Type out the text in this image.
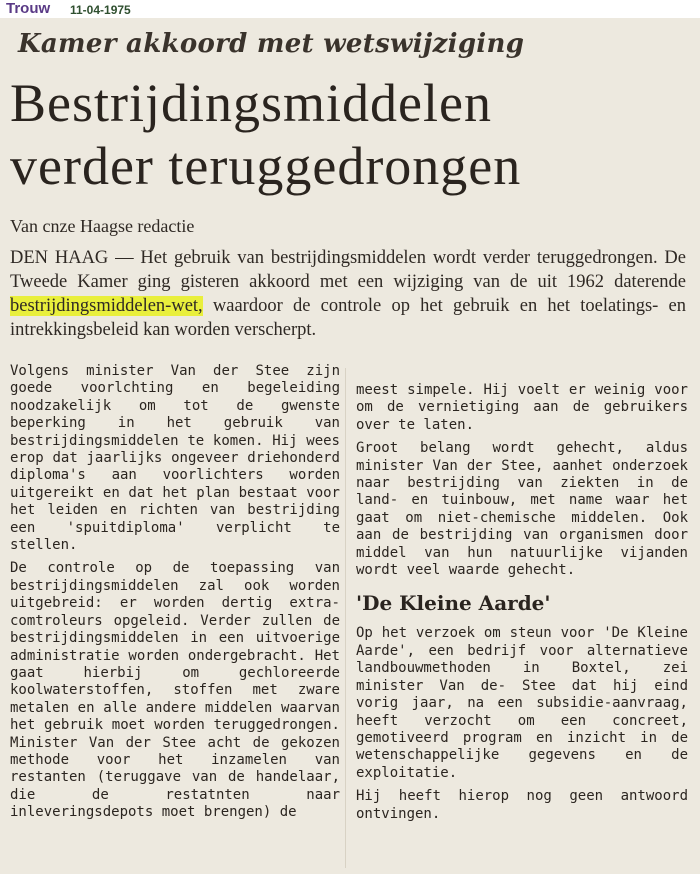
Trouw 11-04-1975
Kamer akkoord met wetswijziging
Bestrijdingsmiddelen
verder teruggedrongen
Van cnze Haagse redactie

DEN HAAG — Het gebruik van bestrijdingsmiddelen wordt verder teruggedrongen. De Tweede Kamer ging gisteren akkoord met een wijziging van de uit 1962 daterende bestrijdingsmiddelen-wet, waardoor de controle op het gebruik en het toelatings- en intrekkingsbeleid kan worden verscherpt.

Volgens minister Van der Stee zijn goede voorlchting en begeleiding noodzakelijk om tot de gwenste beperking in het gebruik van bestrijdingsmiddelen te komen. Hij wees erop dat jaarlijks ongeveer driehonderd diploma's aan voorlichters worden uitgereikt en dat het plan bestaat voor het leiden en richten van bestrijding een 'spuitdiploma' verplicht te stellen.

De controle op de toepassing van bestrijdingsmiddelen zal ook worden uitgebreid: er worden dertig extra-comtroleurs opgeleid. Verder zullen de bestrijdingsmiddelen in een uitvoerige administratie worden ondergebracht. Het gaat hierbij om gechloreerde koolwaterstoffen, stoffen met zware metalen en alle andere middelen waarvan het gebruik moet worden teruggedrongen. Minister Van der Stee acht de gekozen methode voor het inzamelen van restanten (teruggave van de handelaar, die de restatnten naar inleveringsdepots moet brengen) de

meest simpele. Hij voelt er weinig voor om de vernietiging aan de gebruikers over te laten.

Groot belang wordt gehecht, aldus minister Van der Stee, aanhet onderzoek naar bestrijding van ziekten in de land- en tuinbouw, met name waar het gaat om niet-chemische middelen. Ook aan de bestrijding van organismen door middel van hun natuurlijke vijanden wordt veel waarde gehecht.

'De Kleine Aarde'

Op het verzoek om steun voor 'De Kleine Aarde', een bedrijf voor alternatieve landbouwmethoden in Boxtel, zei minister Van de- Stee dat hij eind vorig jaar, na een subsidie-aanvraag, heeft verzocht om een concreet, gemotiveerd program en inzicht in de wetenschappelijke gegevens en de exploitatie.

Hij heeft hierop nog geen antwoord ontvingen.
